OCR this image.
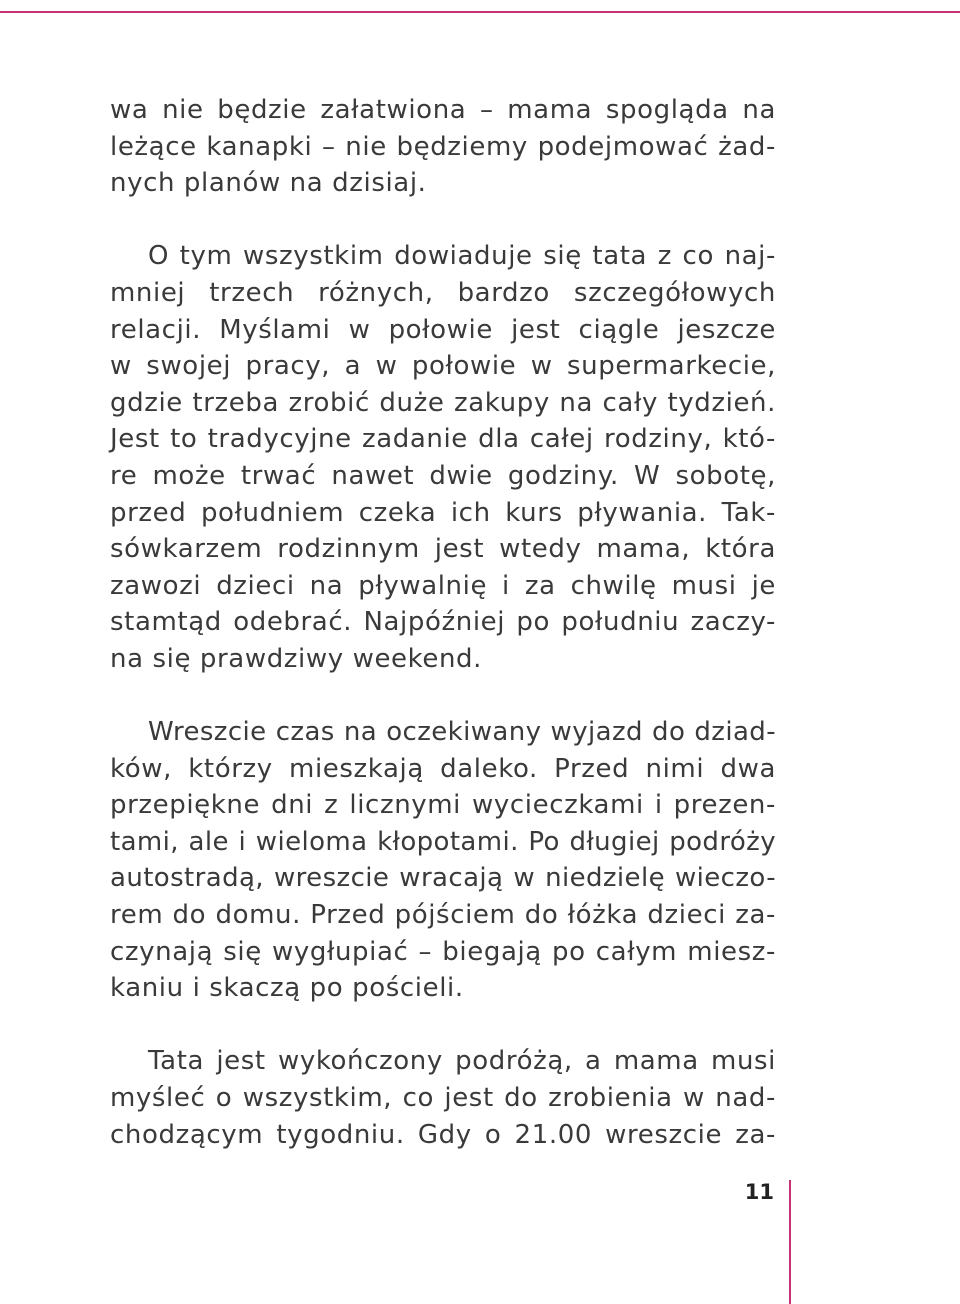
wa nie będzie załatwiona – mama spogląda na
leżące kanapki – nie będziemy podejmować żad-
nych planów na dzisiaj.
O tym wszystkim dowiaduje się tata z co naj-
mniej trzech różnych, bardzo szczegółowych
relacji. Myślami w połowie jest ciągle jeszcze
w swojej pracy, a w połowie w supermarkecie,
gdzie trzeba zrobić duże zakupy na cały tydzień.
Jest to tradycyjne zadanie dla całej rodziny, któ-
re może trwać nawet dwie godziny. W sobotę,
przed południem czeka ich kurs pływania. Tak-
sówkarzem rodzinnym jest wtedy mama, która
zawozi dzieci na pływalnię i za chwilę musi je
stamtąd odebrać. Najpóźniej po południu zaczy-
na się prawdziwy weekend.
Wreszcie czas na oczekiwany wyjazd do dziad-
ków, którzy mieszkają daleko. Przed nimi dwa
przepiękne dni z licznymi wycieczkami i prezen-
tami, ale i wieloma kłopotami. Po długiej podróży
autostradą, wreszcie wracają w niedzielę wieczo-
rem do domu. Przed pójściem do łóżka dzieci za-
czynają się wygłupiać – biegają po całym miesz-
kaniu i skaczą po pościeli.
Tata jest wykończony podróżą, a mama musi
myśleć o wszystkim, co jest do zrobienia w nad-
chodzącym tygodniu. Gdy o 21.00 wreszcie za-
11
